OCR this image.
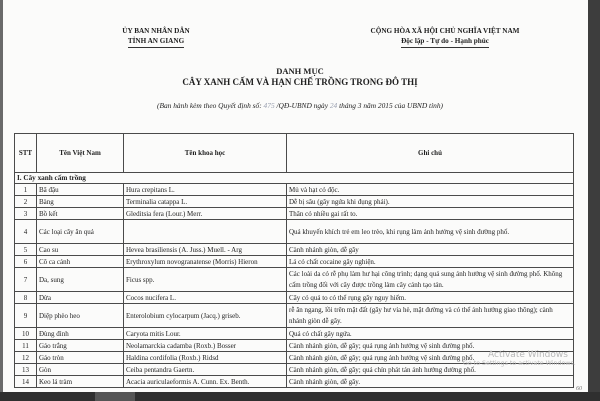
ỦY BAN NHÂN DÂN
TỈNH AN GIANG
CỘNG HÒA XÃ HỘI CHỦ NGHĨA VIỆT NAM
Độc lập - Tự do - Hạnh phúc
DANH MỤC
CÂY XANH CẤM VÀ HẠN CHẾ TRỒNG TRONG ĐÔ THỊ
(Ban hành kèm theo Quyết định số: 475 /QĐ-UBND ngày 24 tháng 3 năm 2015 của UBND tỉnh)
STT	Tên Việt Nam	Tên khoa học	Ghi chú
I. Cây xanh cấm trồng			
1	Bã đậu	Hura crepitans L.	Mủ và hạt có độc.
2	Bàng	Terminalia catappa L.	Dễ bị sâu (gây ngứa khi đụng phải).
3	Bồ kết	Gleditsia fera (Lour.) Merr.	Thân có nhiều gai rất to.
4	Các loại cây ăn quả		Quả khuyến khích trẻ em leo trèo, khi rụng làm ảnh hưởng vệ sinh đường phố.
5	Cao su	Hevea brasiliensis (A. Juss.) Muell. - Arg	Cành nhánh giòn, dễ gãy
6	Cô ca cảnh	Erythroxylum novogranatense (Morris) Hieron	Lá có chất cocaine gây nghiện.
7	Da, sung	Ficus spp.	Các loài da có rễ phụ làm hư hại công trình; dạng quả sung ảnh hưởng vệ sinh đường phố. Không cấm trồng đối với cây được trồng làm cây cảnh tạo tán.
8	Dừa	Cocos nucifera L.	Cây có quả to có thể rụng gây nguy hiểm.
9	Diệp phèo heo	Enterolobium cylocarpum (Jacq.) griseb.	rễ ăn ngang, lồi trên mặt đất (gây hư vỉa hè, mặt đường và có thể ảnh hưởng giao thông); cành nhánh giòn dễ gãy.
10	Đùng đình	Caryota mitis Lour.	Quả có chất gây ngứa.
11	Gáo trắng	Neolamarckia cadamba (Roxb.) Bosser	Cành nhánh giòn, dễ gãy; quả rụng ảnh hưởng vệ sinh đường phố.
12	Gáo tròn	Haldina cordifolia (Roxb.) Ridsd	Cành nhánh giòn, dễ gãy; quả rụng ảnh hưởng vệ sinh đường phố.
13	Gòn	Ceiba pentandra Gaertn.	Cành nhánh giòn, dễ gãy; quả chín phát tán ảnh hưởng đường phố.
14	Keo lá tràm	Acacia auriculaeformis A. Cunn. Ex. Benth.	Cành nhánh giòn, dễ gãy.
Activate Windows
Go to Settings to activate Windows.
60
